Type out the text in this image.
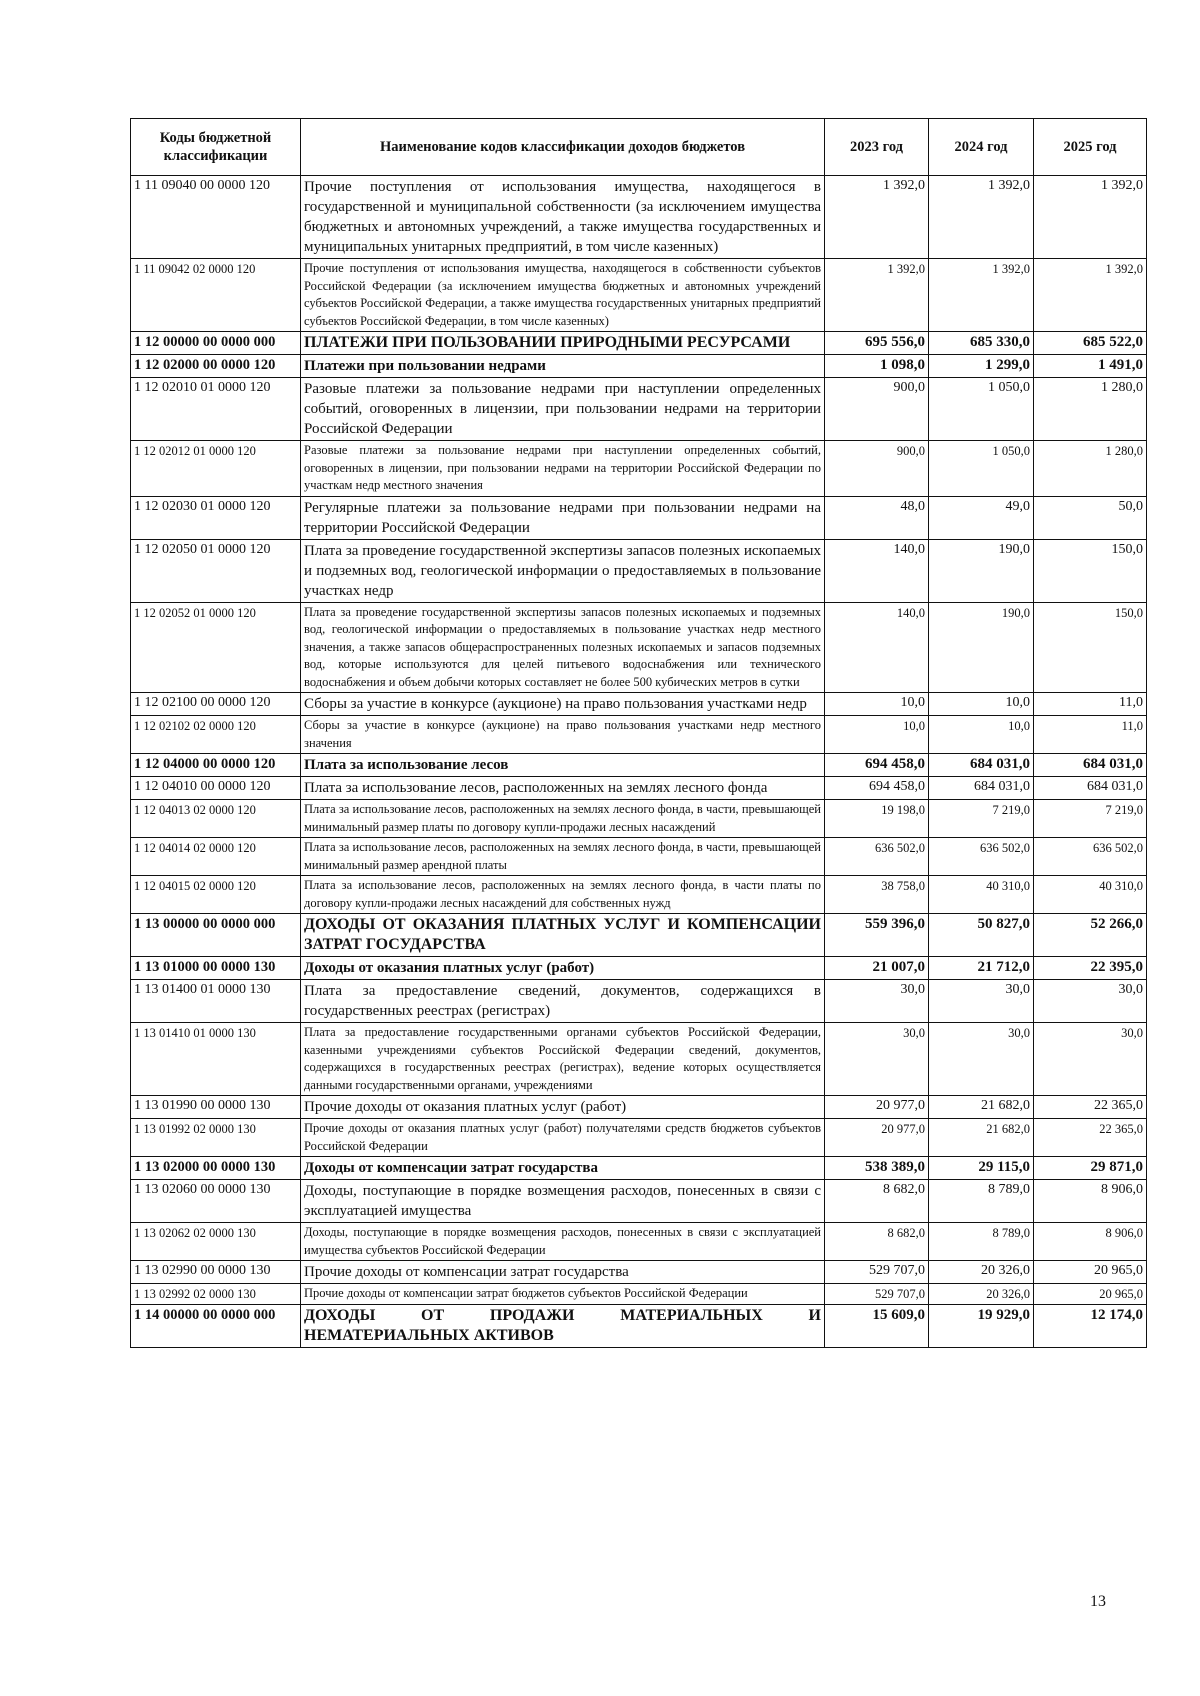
Коды бюджетной классификации	Наименование кодов классификации доходов бюджетов	2023 год	2024 год	2025 год
1 11 09040 00 0000 120	Прочие поступления от использования имущества, находящегося в государственной и муниципальной собственности (за исключением имущества бюджетных и автономных учреждений, а также имущества государственных и муниципальных унитарных предприятий, в том числе казенных)	1 392,0	1 392,0	1 392,0
1 11 09042 02 0000 120	Прочие поступления от использования имущества, находящегося в собственности субъектов Российской Федерации (за исключением имущества бюджетных и автономных учреждений субъектов Российской Федерации, а также имущества государственных унитарных предприятий субъектов Российской Федерации, в том числе казенных)	1 392,0	1 392,0	1 392,0
1 12 00000 00 0000 000	ПЛАТЕЖИ ПРИ ПОЛЬЗОВАНИИ ПРИРОДНЫМИ РЕСУРСАМИ	695 556,0	685 330,0	685 522,0
1 12 02000 00 0000 120	Платежи при пользовании недрами	1 098,0	1 299,0	1 491,0
1 12 02010 01 0000 120	Разовые платежи за пользование недрами при наступлении определенных событий, оговоренных в лицензии, при пользовании недрами на территории Российской Федерации	900,0	1 050,0	1 280,0
1 12 02012 01 0000 120	Разовые платежи за пользование недрами при наступлении определенных событий, оговоренных в лицензии, при пользовании недрами на территории Российской Федерации по участкам недр местного значения	900,0	1 050,0	1 280,0
1 12 02030 01 0000 120	Регулярные платежи за пользование недрами при пользовании недрами на территории Российской Федерации	48,0	49,0	50,0
1 12 02050 01 0000 120	Плата за проведение государственной экспертизы запасов полезных ископаемых и подземных вод, геологической информации о предоставляемых в пользование участках недр	140,0	190,0	150,0
1 12 02052 01 0000 120	Плата за проведение государственной экспертизы запасов полезных ископаемых и подземных вод, геологической информации о предоставляемых в пользование участках недр местного значения, а также запасов общераспространенных полезных ископаемых и запасов подземных вод, которые используются для целей питьевого водоснабжения или технического водоснабжения и объем добычи которых составляет не более 500 кубических метров в сутки	140,0	190,0	150,0
1 12 02100 00 0000 120	Сборы за участие в конкурсе (аукционе) на право пользования участками недр	10,0	10,0	11,0
1 12 02102 02 0000 120	Сборы за участие в конкурсе (аукционе) на право пользования участками недр местного значения	10,0	10,0	11,0
1 12 04000 00 0000 120	Плата за использование лесов	694 458,0	684 031,0	684 031,0
1 12 04010 00 0000 120	Плата за использование лесов, расположенных на землях лесного фонда	694 458,0	684 031,0	684 031,0
1 12 04013 02 0000 120	Плата за использование лесов, расположенных на землях лесного фонда, в части, превышающей минимальный размер платы по договору купли-продажи лесных насаждений	19 198,0	7 219,0	7 219,0
1 12 04014 02 0000 120	Плата за использование лесов, расположенных на землях лесного фонда, в части, превышающей минимальный размер арендной платы	636 502,0	636 502,0	636 502,0
1 12 04015 02 0000 120	Плата за использование лесов, расположенных на землях лесного фонда, в части платы по договору купли-продажи лесных насаждений для собственных нужд	38 758,0	40 310,0	40 310,0
1 13 00000 00 0000 000	ДОХОДЫ ОТ ОКАЗАНИЯ ПЛАТНЫХ УСЛУГ И КОМПЕНСАЦИИ ЗАТРАТ ГОСУДАРСТВА	559 396,0	50 827,0	52 266,0
1 13 01000 00 0000 130	Доходы от оказания платных услуг (работ)	21 007,0	21 712,0	22 395,0
1 13 01400 01 0000 130	Плата за предоставление сведений, документов, содержащихся в государственных реестрах (регистрах)	30,0	30,0	30,0
1 13 01410 01 0000 130	Плата за предоставление государственными органами субъектов Российской Федерации, казенными учреждениями субъектов Российской Федерации сведений, документов, содержащихся в государственных реестрах (регистрах), ведение которых осуществляется данными государственными органами, учреждениями	30,0	30,0	30,0
1 13 01990 00 0000 130	Прочие доходы от оказания платных услуг (работ)	20 977,0	21 682,0	22 365,0
1 13 01992 02 0000 130	Прочие доходы от оказания платных услуг (работ) получателями средств бюджетов субъектов Российской Федерации	20 977,0	21 682,0	22 365,0
1 13 02000 00 0000 130	Доходы от компенсации затрат государства	538 389,0	29 115,0	29 871,0
1 13 02060 00 0000 130	Доходы, поступающие в порядке возмещения расходов, понесенных в связи с эксплуатацией имущества	8 682,0	8 789,0	8 906,0
1 13 02062 02 0000 130	Доходы, поступающие в порядке возмещения расходов, понесенных в связи с эксплуатацией имущества субъектов Российской Федерации	8 682,0	8 789,0	8 906,0
1 13 02990 00 0000 130	Прочие доходы от компенсации затрат государства	529 707,0	20 326,0	20 965,0
1 13 02992 02 0000 130	Прочие доходы от компенсации затрат бюджетов субъектов Российской Федерации	529 707,0	20 326,0	20 965,0
1 14 00000 00 0000 000	ДОХОДЫ ОТ ПРОДАЖИ МАТЕРИАЛЬНЫХ И НЕМАТЕРИАЛЬНЫХ АКТИВОВ	15 609,0	19 929,0	12 174,0
13
